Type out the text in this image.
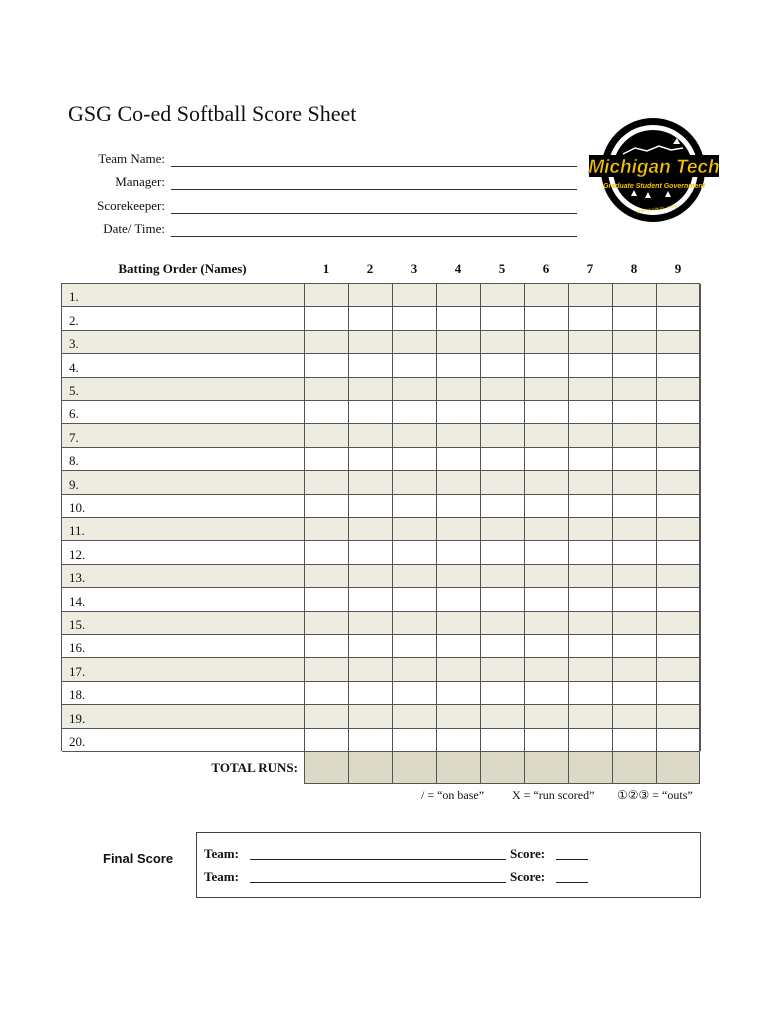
GSG Co-ed Softball Score Sheet
Team Name:
Manager:
Scorekeeper:
Date/ Time:
Michigan Tech
Graduate Student Government
grad students, unite
Batting Order (Names)	1	2	3	4	5	6	7	8	9
1.
2.
3.
4.
5.
6.
7.
8.
9.
10.
11.
12.
13.
14.
15.
16.
17.
18.
19.
20.
TOTAL RUNS:
/ = “on base” X = “run scored” ①②③ = “outs”
Final Score Team:	Score:
Team:	Score:
